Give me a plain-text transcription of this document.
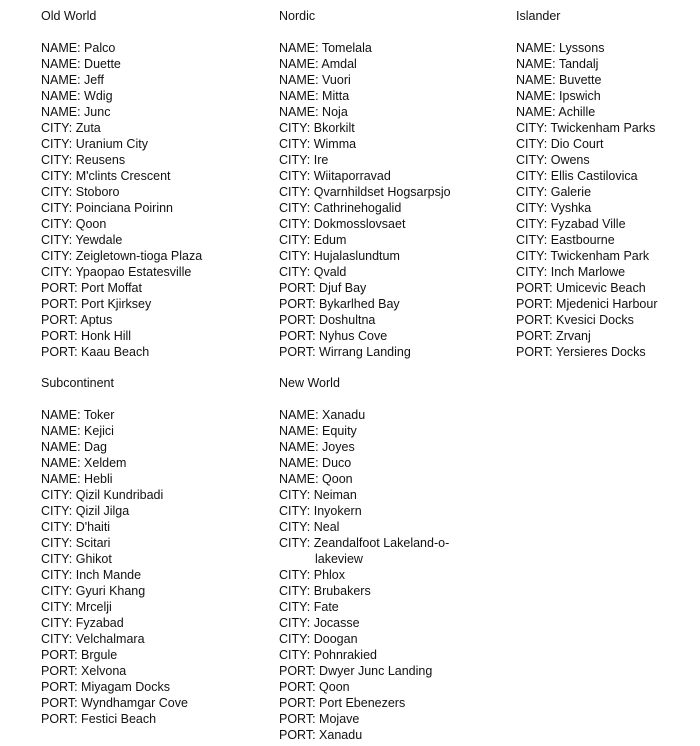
Old World
NAME: Palco
NAME: Duette
NAME: Jeff
NAME: Wdig
NAME: Junc
CITY: Zuta
CITY: Uranium City
CITY: Reusens
CITY: M'clints Crescent
CITY: Stoboro
CITY: Poinciana Poirinn
CITY: Qoon
CITY: Yewdale
CITY: Zeigletown-tioga Plaza
CITY: Ypaopao Estatesville
PORT: Port Moffat
PORT: Port Kjirksey
PORT: Aptus
PORT: Honk Hill
PORT: Kaau Beach
Nordic
NAME: Tomelala
NAME: Amdal
NAME: Vuori
NAME: Mitta
NAME: Noja
CITY: Bkorkilt
CITY: Wimma
CITY: Ire
CITY: Wiitaporravad
CITY: Qvarnhildset Hogsarpsjo
CITY: Cathrinehogalid
CITY: Dokmosslovsaet
CITY: Edum
CITY: Hujalaslundtum
CITY: Qvald
PORT: Djuf Bay
PORT: Bykarlhed Bay
PORT: Doshultna
PORT: Nyhus Cove
PORT: Wirrang Landing
Islander
NAME: Lyssons
NAME: Tandalj
NAME: Buvette
NAME: Ipswich
NAME: Achille
CITY: Twickenham Parks
CITY: Dio Court
CITY: Owens
CITY: Ellis Castilovica
CITY: Galerie
CITY: Vyshka
CITY: Fyzabad Ville
CITY: Eastbourne
CITY: Twickenham Park
CITY: Inch Marlowe
PORT: Umicevic Beach
PORT: Mjedenici Harbour
PORT: Kvesici Docks
PORT: Zrvanj
PORT: Yersieres Docks
Subcontinent
NAME: Toker
NAME: Kejici
NAME: Dag
NAME: Xeldem
NAME: Hebli
CITY: Qizil Kundribadi
CITY: Qizil Jilga
CITY: D'haiti
CITY: Scitari
CITY: Ghikot
CITY: Inch Mande
CITY: Gyuri Khang
CITY: Mrcelji
CITY: Fyzabad
CITY: Velchalmara
PORT: Brgule
PORT: Xelvona
PORT: Miyagam Docks
PORT: Wyndhamgar Cove
PORT: Festici Beach
New World
NAME: Xanadu
NAME: Equity
NAME: Joyes
NAME: Duco
NAME: Qoon
CITY: Neiman
CITY: Inyokern
CITY: Neal
CITY: Zeandalfoot Lakeland-o-lakeview
CITY: Phlox
CITY: Brubakers
CITY: Fate
CITY: Jocasse
CITY: Doogan
CITY: Pohnrakied
PORT: Dwyer Junc Landing
PORT: Qoon
PORT: Port Ebenezers
PORT: Mojave
PORT: Xanadu
